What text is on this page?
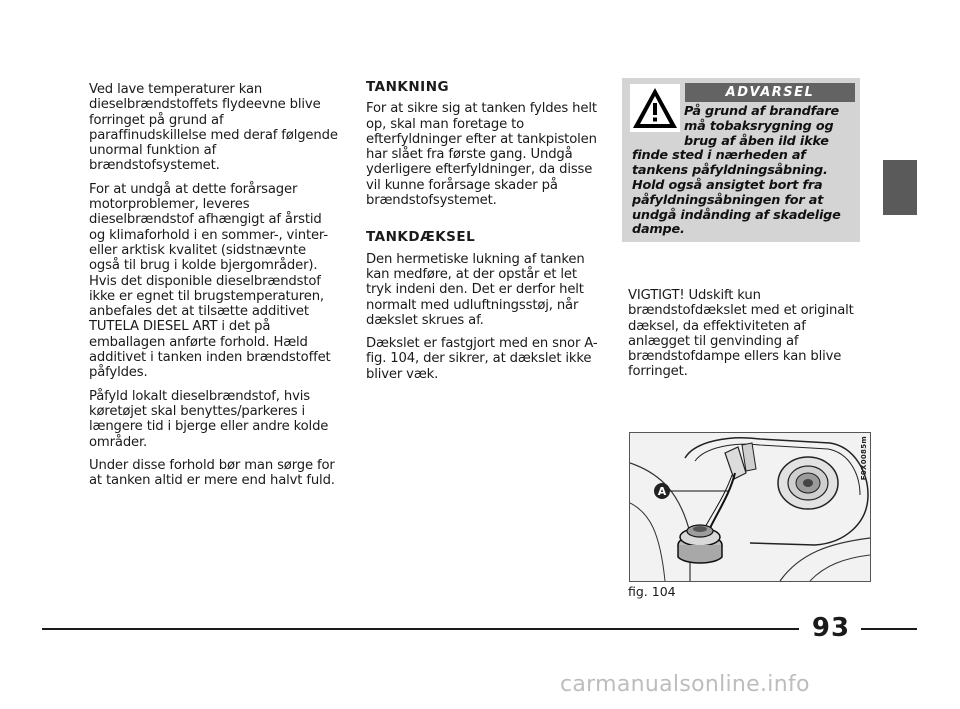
Ved lave temperaturer kan dieselbrændstoffets flydeevne blive forringet på grund af paraffinudskillelse med deraf følgende unormal funktion af brændstofsystemet.

For at undgå at dette forårsager motorproblemer, leveres dieselbrændstof afhængigt af årstid og klimaforhold i en sommer-, vinter- eller arktisk kvalitet (sidstnævnte også til brug i kolde bjergområder). Hvis det disponible dieselbrændstof ikke er egnet til brugstemperaturen, anbefales det at tilsætte additivet TUTELA DIESEL ART i det på emballagen anførte forhold. Hæld additivet i tanken inden brændstoffet påfyldes.

Påfyld lokalt dieselbrændstof, hvis køretøjet skal benyttes/parkeres i længere tid i bjerge eller andre kolde områder.

Under disse forhold bør man sørge for at tanken altid er mere end halvt fuld.

TANKNING

For at sikre sig at tanken fyldes helt op, skal man foretage to efterfyldninger efter at tankpistolen har slået fra første gang. Undgå yderligere efterfyldninger, da disse vil kunne forårsage skader på brændstofsystemet.

TANKDÆKSEL

Den hermetiske lukning af tanken kan medføre, at der opstår et let tryk indeni den. Det er derfor helt normalt med udluftningsstøj, når dækslet skrues af.

Dækslet er fastgjort med en snor A-fig. 104, der sikrer, at dækslet ikke bliver væk.

ADVARSEL
På grund af brandfare må tobaksrygning og brug af åben ild ikke finde sted i nærheden af tankens påfyldningsåbning. Hold også ansigtet bort fra påfyldningsåbningen for at undgå indånding af skadelige dampe.
VIGTIGT! Udskift kun brændstofdækslet med et originalt dæksel, da effektiviteten af anlægget til genvinding af brændstofdampe ellers kan blive forringet.
A
F0X0085m
fig. 104
93
carmanualsonline.info
